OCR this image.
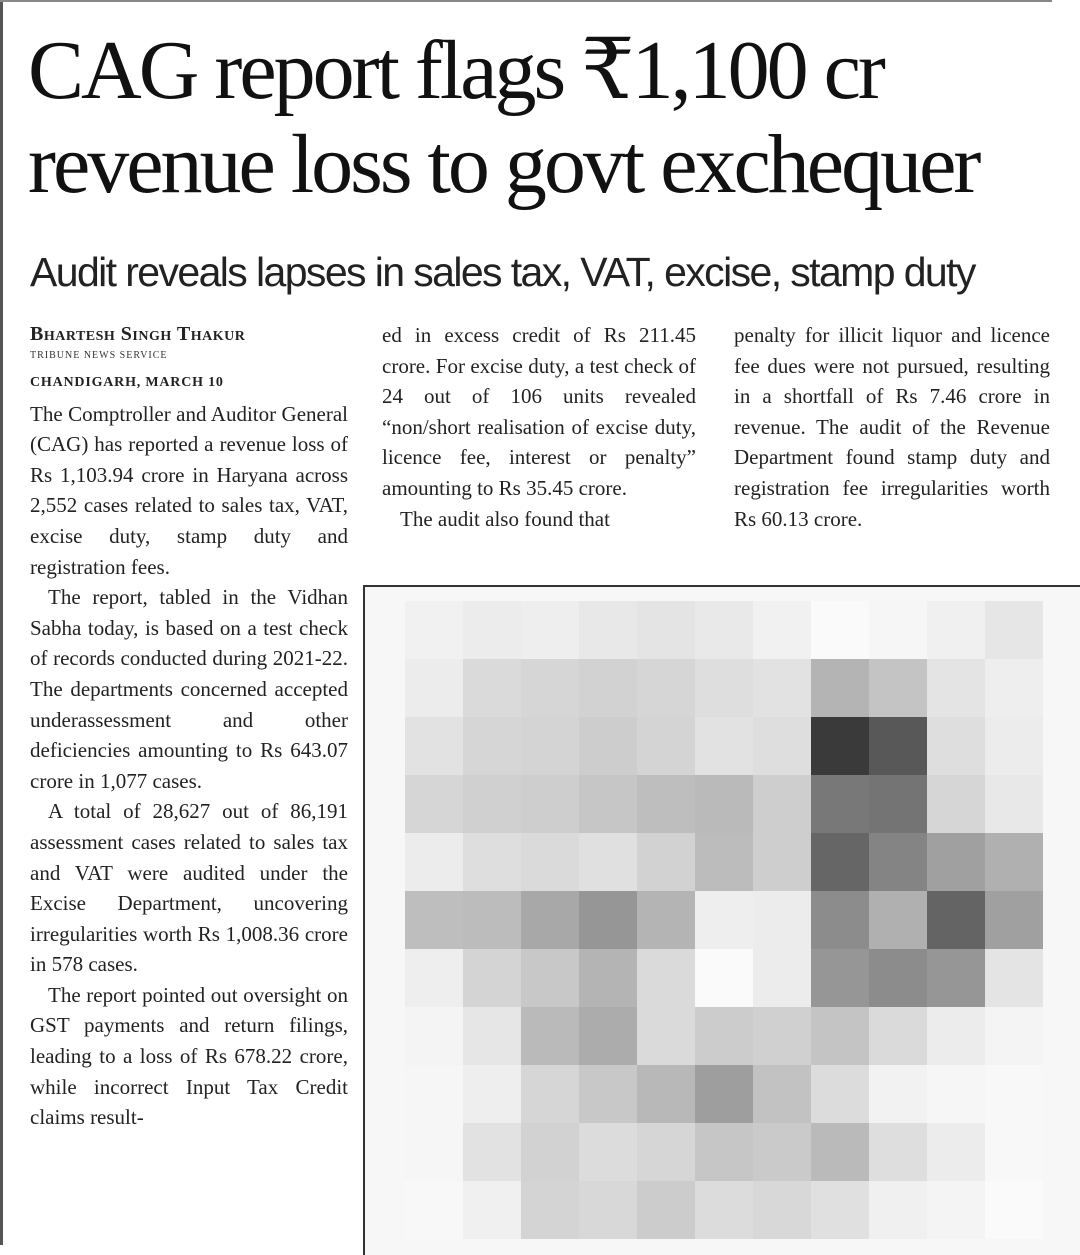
CAG report flags ₹1,100 cr
revenue loss to govt exchequer
Audit reveals lapses in sales tax, VAT, excise, stamp duty

Bhartesh Singh Thakur

TRIBUNE NEWS SERVICE

CHANDIGARH, MARCH 10
The Comptroller and Auditor General (CAG) has reported a revenue loss of Rs 1,103.94 crore in Haryana across 2,552 cases related to sales tax, VAT, excise duty, stamp duty and registration fees.

The report, tabled in the Vidhan Sabha today, is based on a test check of records conducted during 2021-22. The departments concerned accepted underassessment and other deficiencies amounting to Rs 643.07 crore in 1,077 cases.

A total of 28,627 out of 86,191 assessment cases related to sales tax and VAT were audited under the Excise Department, uncovering irregularities worth Rs 1,008.36 crore in 578 cases.

The report pointed out oversight on GST payments and return filings, leading to a loss of Rs 678.22 crore, while incorrect Input Tax Credit claims result-

ed in excess credit of Rs 211.45 crore. For excise duty, a test check of 24 out of 106 units revealed “non/short realisation of excise duty, licence fee, interest or penalty” amounting to Rs 35.45 crore.

The audit also found that

penalty for illicit liquor and licence fee dues were not pursued, resulting in a shortfall of Rs 7.46 crore in revenue. The audit of the Revenue Department found stamp duty and registration fee irregularities worth Rs 60.13 crore.
